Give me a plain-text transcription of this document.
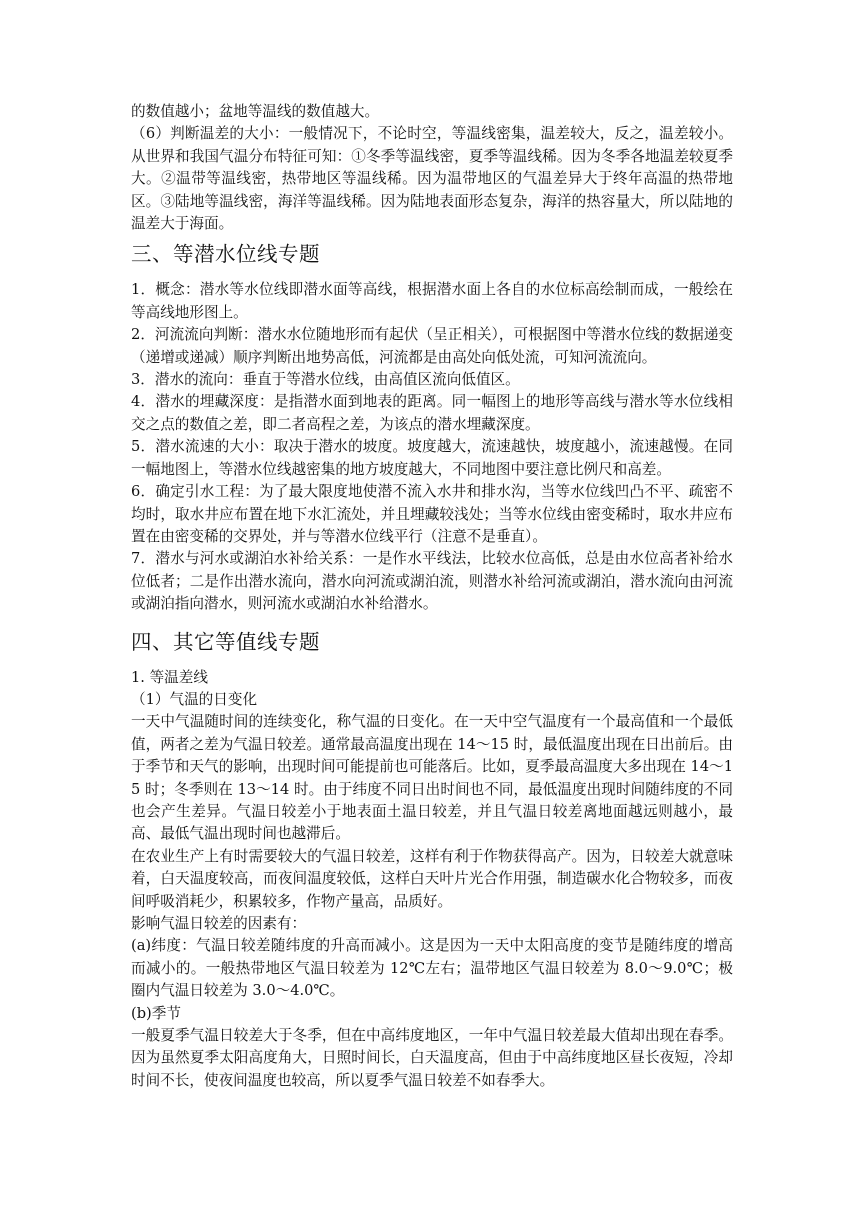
的数值越小；盆地等温线的数值越大。

（6）判断温差的大小：一般情况下，不论时空，等温线密集，温差较大，反之，温差较小。从世界和我国气温分布特征可知：①冬季等温线密，夏季等温线稀。因为冬季各地温差较夏季大。②温带等温线密，热带地区等温线稀。因为温带地区的气温差异大于终年高温的热带地区。③陆地等温线密，海洋等温线稀。因为陆地表面形态复杂，海洋的热容量大，所以陆地的温差大于海面。

三、等潜水位线专题

1．概念：潜水等水位线即潜水面等高线，根据潜水面上各自的水位标高绘制而成，一般绘在等高线地形图上。

2．河流流向判断：潜水水位随地形而有起伏（呈正相关），可根据图中等潜水位线的数据递变（递增或递减）顺序判断出地势高低，河流都是由高处向低处流，可知河流流向。

3．潜水的流向：垂直于等潜水位线，由高值区流向低值区。

4．潜水的埋藏深度：是指潜水面到地表的距离。同一幅图上的地形等高线与潜水等水位线相交之点的数值之差，即二者高程之差，为该点的潜水埋藏深度。

5．潜水流速的大小：取决于潜水的坡度。坡度越大，流速越快，坡度越小，流速越慢。在同一幅地图上，等潜水位线越密集的地方坡度越大，不同地图中要注意比例尺和高差。

6．确定引水工程：为了最大限度地使潜不流入水井和排水沟，当等水位线凹凸不平、疏密不均时，取水井应布置在地下水汇流处，并且埋藏较浅处；当等水位线由密变稀时，取水井应布置在由密变稀的交界处，并与等潜水位线平行（注意不是垂直）。

7．潜水与河水或湖泊水补给关系：一是作水平线法，比较水位高低，总是由水位高者补给水位低者；二是作出潜水流向，潜水向河流或湖泊流，则潜水补给河流或湖泊，潜水流向由河流或湖泊指向潜水，则河流水或湖泊水补给潜水。

四、其它等值线专题

1. 等温差线

（1）气温的日变化

一天中气温随时间的连续变化，称气温的日变化。在一天中空气温度有一个最高值和一个最低值，两者之差为气温日较差。通常最高温度出现在 14～15 时，最低温度出现在日出前后。由于季节和天气的影响，出现时间可能提前也可能落后。比如，夏季最高温度大多出现在 14～15 时；冬季则在 13～14 时。由于纬度不同日出时间也不同，最低温度出现时间随纬度的不同也会产生差异。气温日较差小于地表面土温日较差，并且气温日较差离地面越远则越小，最高、最低气温出现时间也越滞后。

在农业生产上有时需要较大的气温日较差，这样有利于作物获得高产。因为，日较差大就意味着，白天温度较高，而夜间温度较低，这样白天叶片光合作用强，制造碳水化合物较多，而夜间呼吸消耗少，积累较多，作物产量高，品质好。

影响气温日较差的因素有：

(a)纬度：气温日较差随纬度的升高而减小。这是因为一天中太阳高度的变节是随纬度的增高而减小的。一般热带地区气温日较差为 12℃左右；温带地区气温日较差为 8.0～9.0℃；极圈内气温日较差为 3.0～4.0℃。

(b)季节

一般夏季气温日较差大于冬季，但在中高纬度地区，一年中气温日较差最大值却出现在春季。因为虽然夏季太阳高度角大，日照时间长，白天温度高，但由于中高纬度地区昼长夜短，冷却时间不长，使夜间温度也较高，所以夏季气温日较差不如春季大。
